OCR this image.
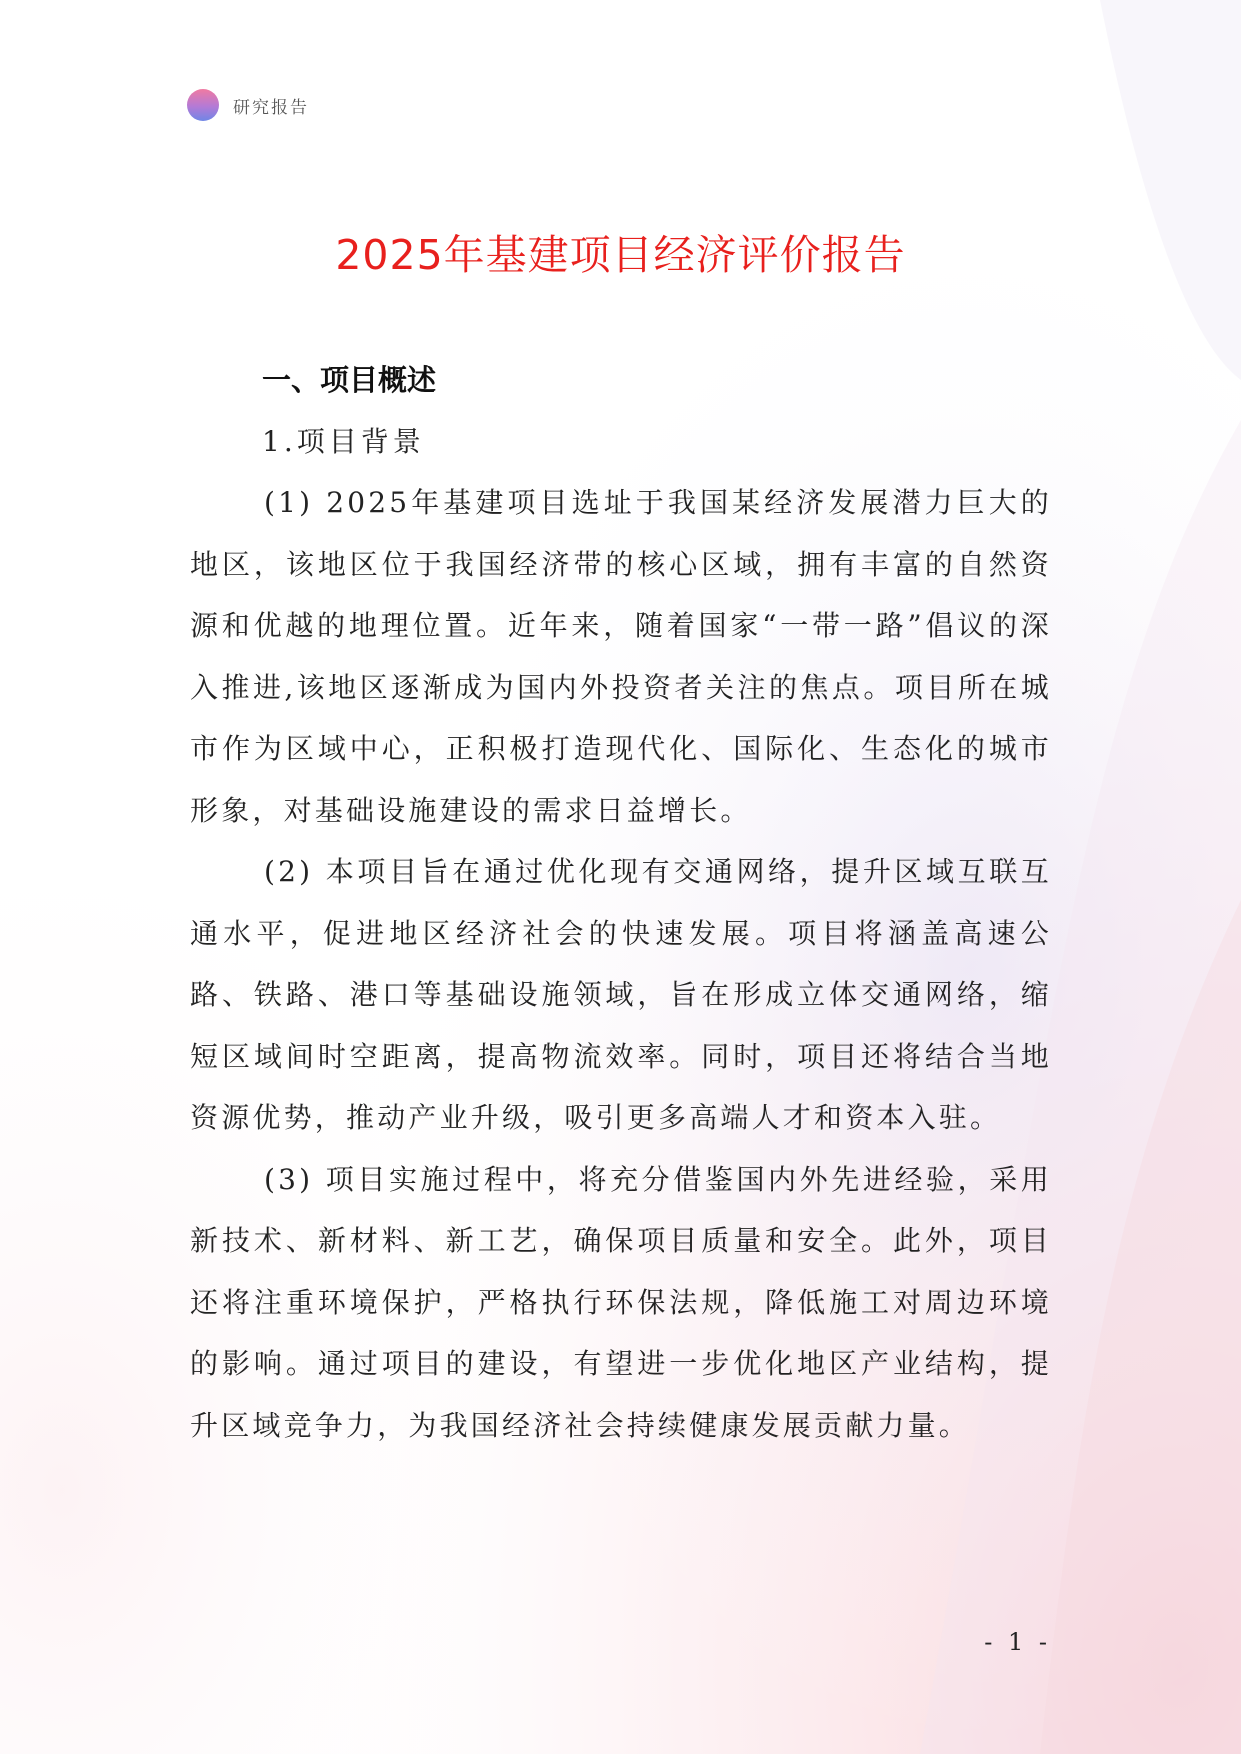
研究报告
2025年基建项目经济评价报告
一、项目概述
1.项目背景

(1) 2025年基建项目选址于我国某经济发展潜力巨大的地区，该地区位于我国经济带的核心区域，拥有丰富的自然资源和优越的地理位置。近年来，随着国家“一带一路”倡议的深入推进,该地区逐渐成为国内外投资者关注的焦点。项目所在城市作为区域中心，正积极打造现代化、国际化、生态化的城市形象，对基础设施建设的需求日益增长。

(2) 本项目旨在通过优化现有交通网络，提升区域互联互通水平，促进地区经济社会的快速发展。项目将涵盖高速公路、铁路、港口等基础设施领域，旨在形成立体交通网络，缩短区域间时空距离，提高物流效率。同时，项目还将结合当地资源优势，推动产业升级，吸引更多高端人才和资本入驻。

(3) 项目实施过程中，将充分借鉴国内外先进经验，采用新技术、新材料、新工艺，确保项目质量和安全。此外，项目还将注重环境保护，严格执行环保法规，降低施工对周边环境的影响。通过项目的建设，有望进一步优化地区产业结构，提升区域竞争力，为我国经济社会持续健康发展贡献力量。

- 1 -
